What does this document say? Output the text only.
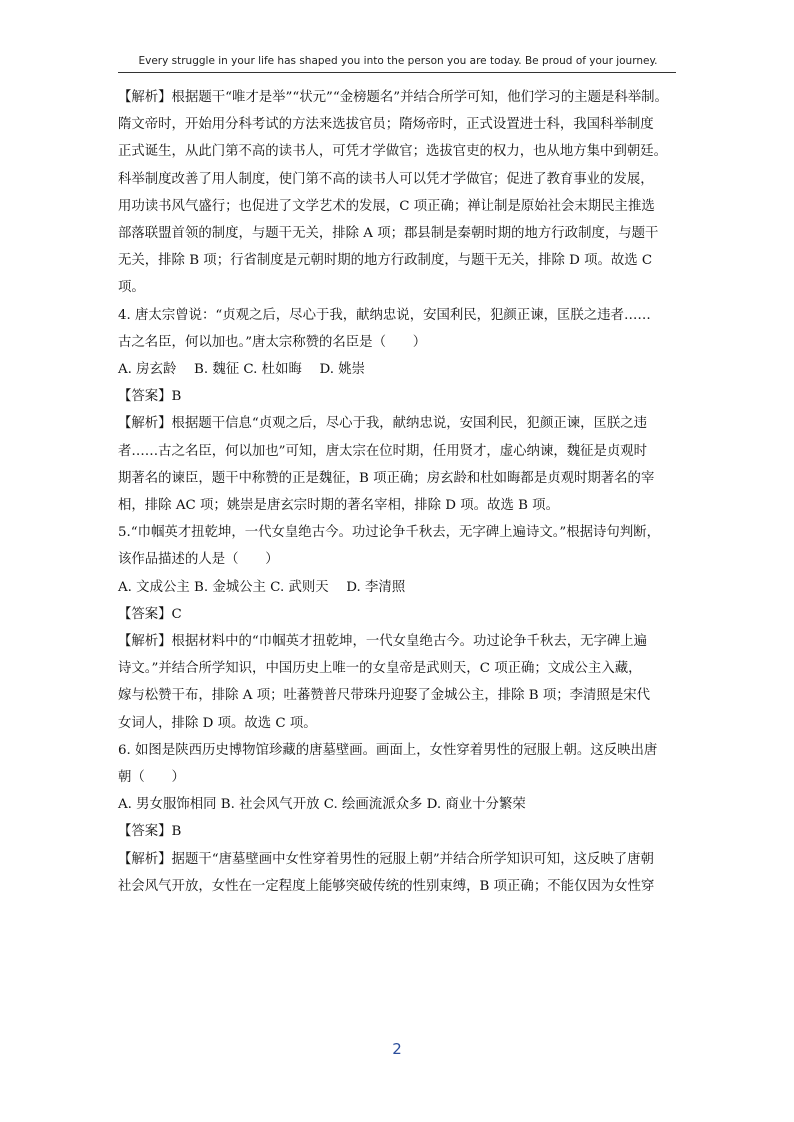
Every struggle in your life has shaped you into the person you are today. Be proud of your journey.

【解析】根据题干“唯才是举”“状元”“金榜题名”并结合所学可知，他们学习的主题是科举制。

隋文帝时，开始用分科考试的方法来选拔官员；隋炀帝时，正式设置进士科，我国科举制度

正式诞生，从此门第不高的读书人，可凭才学做官；选拔官吏的权力，也从地方集中到朝廷。

科举制度改善了用人制度，使门第不高的读书人可以凭才学做官；促进了教育事业的发展，

用功读书风气盛行；也促进了文学艺术的发展，C 项正确；禅让制是原始社会末期民主推选

部落联盟首领的制度，与题干无关，排除 A 项；郡县制是秦朝时期的地方行政制度，与题干

无关，排除 B 项；行省制度是元朝时期的地方行政制度，与题干无关，排除 D 项。故选 C

项。

4. 唐太宗曾说：“贞观之后，尽心于我，献纳忠说，安国利民，犯颜正谏，匡朕之违者……

古之名臣，何以加也。”唐太宗称赞的名臣是（　　）

A. 房玄龄　 B. 魏征 C. 杜如晦　 D. 姚崇

【答案】B

【解析】根据题干信息“贞观之后，尽心于我，献纳忠说，安国利民，犯颜正谏，匡朕之违

者……古之名臣，何以加也”可知，唐太宗在位时期，任用贤才，虚心纳谏，魏征是贞观时

期著名的谏臣，题干中称赞的正是魏征，B 项正确；房玄龄和杜如晦都是贞观时期著名的宰

相，排除 AC 项；姚崇是唐玄宗时期的著名宰相，排除 D 项。故选 B 项。

5.“巾帼英才扭乾坤，一代女皇绝古今。功过论争千秋去，无字碑上遍诗文。”根据诗句判断，

该作品描述的人是（　　）

A. 文成公主 B. 金城公主 C. 武则天　 D. 李清照

【答案】C

【解析】根据材料中的“巾帼英才扭乾坤，一代女皇绝古今。功过论争千秋去，无字碑上遍

诗文。”并结合所学知识，中国历史上唯一的女皇帝是武则天，C 项正确；文成公主入藏，

嫁与松赞干布，排除 A 项；吐蕃赞普尺带珠丹迎娶了金城公主，排除 B 项；李清照是宋代

女词人，排除 D 项。故选 C 项。

6. 如图是陕西历史博物馆珍藏的唐墓壁画。画面上，女性穿着男性的冠服上朝。这反映出唐

朝（　　）

A. 男女服饰相同 B. 社会风气开放 C. 绘画流派众多 D. 商业十分繁荣

【答案】B

【解析】据题干“唐墓壁画中女性穿着男性的冠服上朝”并结合所学知识可知，这反映了唐朝

社会风气开放，女性在一定程度上能够突破传统的性别束缚，B 项正确；不能仅因为女性穿

2
